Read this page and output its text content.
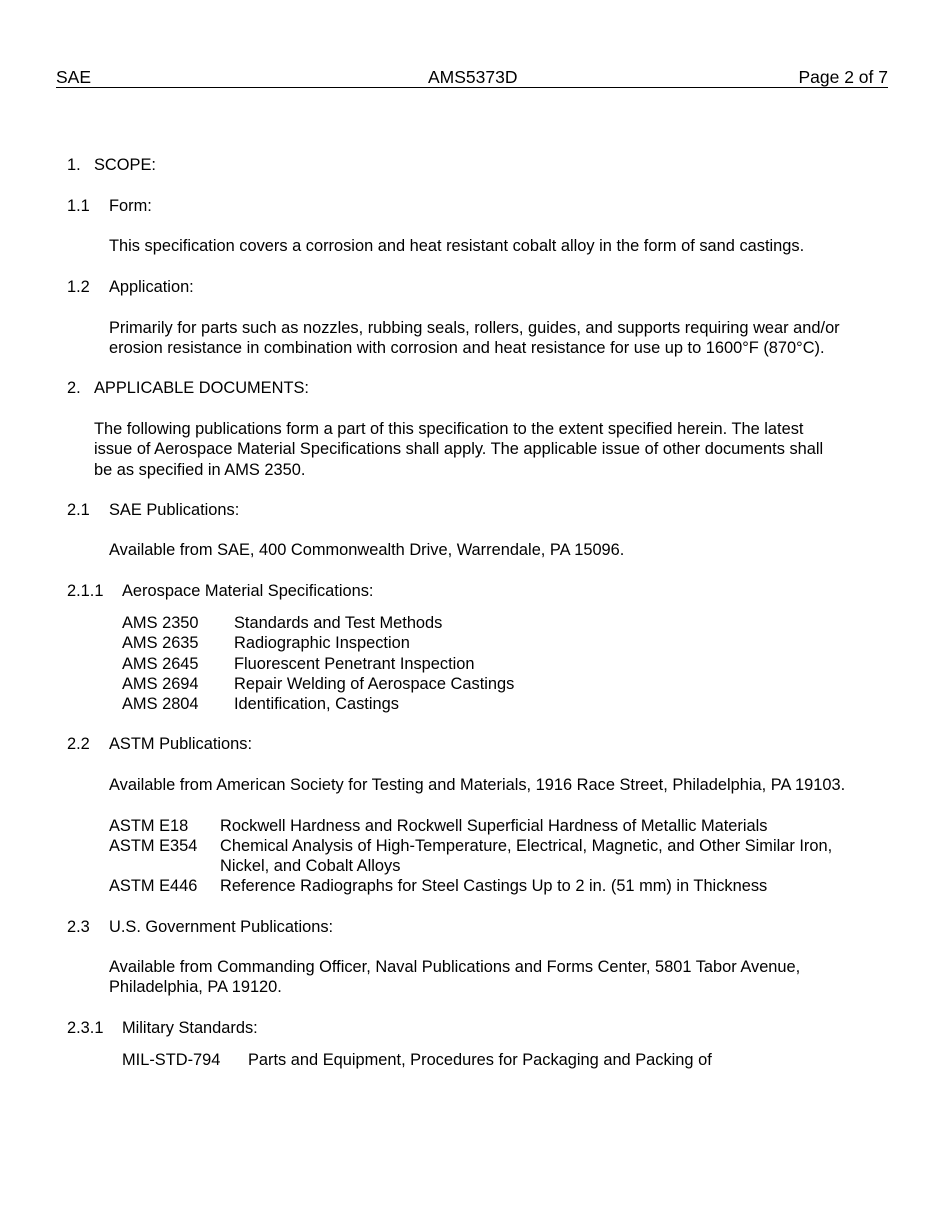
SAE	AMS5373D	Page 2 of 7
1. SCOPE:
1.1 Form:
This specification covers a corrosion and heat resistant cobalt alloy in the form of sand castings.
1.2 Application:
Primarily for parts such as nozzles, rubbing seals, rollers, guides, and supports requiring wear and/or
erosion resistance in combination with corrosion and heat resistance for use up to 1600°F (870°C).
2. APPLICABLE DOCUMENTS:
The following publications form a part of this specification to the extent specified herein. The latest
issue of Aerospace Material Specifications shall apply. The applicable issue of other documents shall
be as specified in AMS 2350.
2.1 SAE Publications:
Available from SAE, 400 Commonwealth Drive, Warrendale, PA 15096.
2.1.1 Aerospace Material Specifications:
AMS 2350 Standards and Test Methods
AMS 2635 Radiographic Inspection
AMS 2645 Fluorescent Penetrant Inspection
AMS 2694 Repair Welding of Aerospace Castings
AMS 2804 Identification, Castings
2.2 ASTM Publications:
Available from American Society for Testing and Materials, 1916 Race Street, Philadelphia, PA 19103.
ASTM E18 Rockwell Hardness and Rockwell Superficial Hardness of Metallic Materials
ASTM E354 Chemical Analysis of High-Temperature, Electrical, Magnetic, and Other Similar Iron,
Nickel, and Cobalt Alloys
ASTM E446 Reference Radiographs for Steel Castings Up to 2 in. (51 mm) in Thickness
2.3 U.S. Government Publications:
Available from Commanding Officer, Naval Publications and Forms Center, 5801 Tabor Avenue,
Philadelphia, PA 19120.
2.3.1 Military Standards:
MIL-STD-794 Parts and Equipment, Procedures for Packaging and Packing of
